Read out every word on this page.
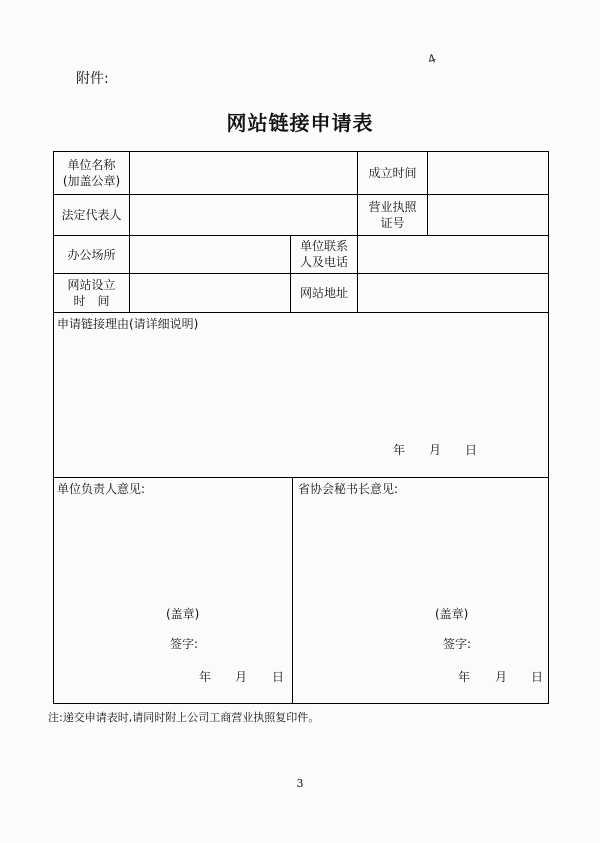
附件:
4
网站链接申请表
单位名称
(加盖公章)
成立时间
法定代表人
营业执照
证号
办公场所
单位联系
人及电话
网站设立
时　间
网站地址
申请链接理由(请详细说明)
年 月 日
单位负责人意见:
(盖章)
签字:
年 月 日
省协会秘书长意见:
(盖章)
签字:
年 月 日
注:递交申请表时,请同时附上公司工商营业执照复印件。
3
